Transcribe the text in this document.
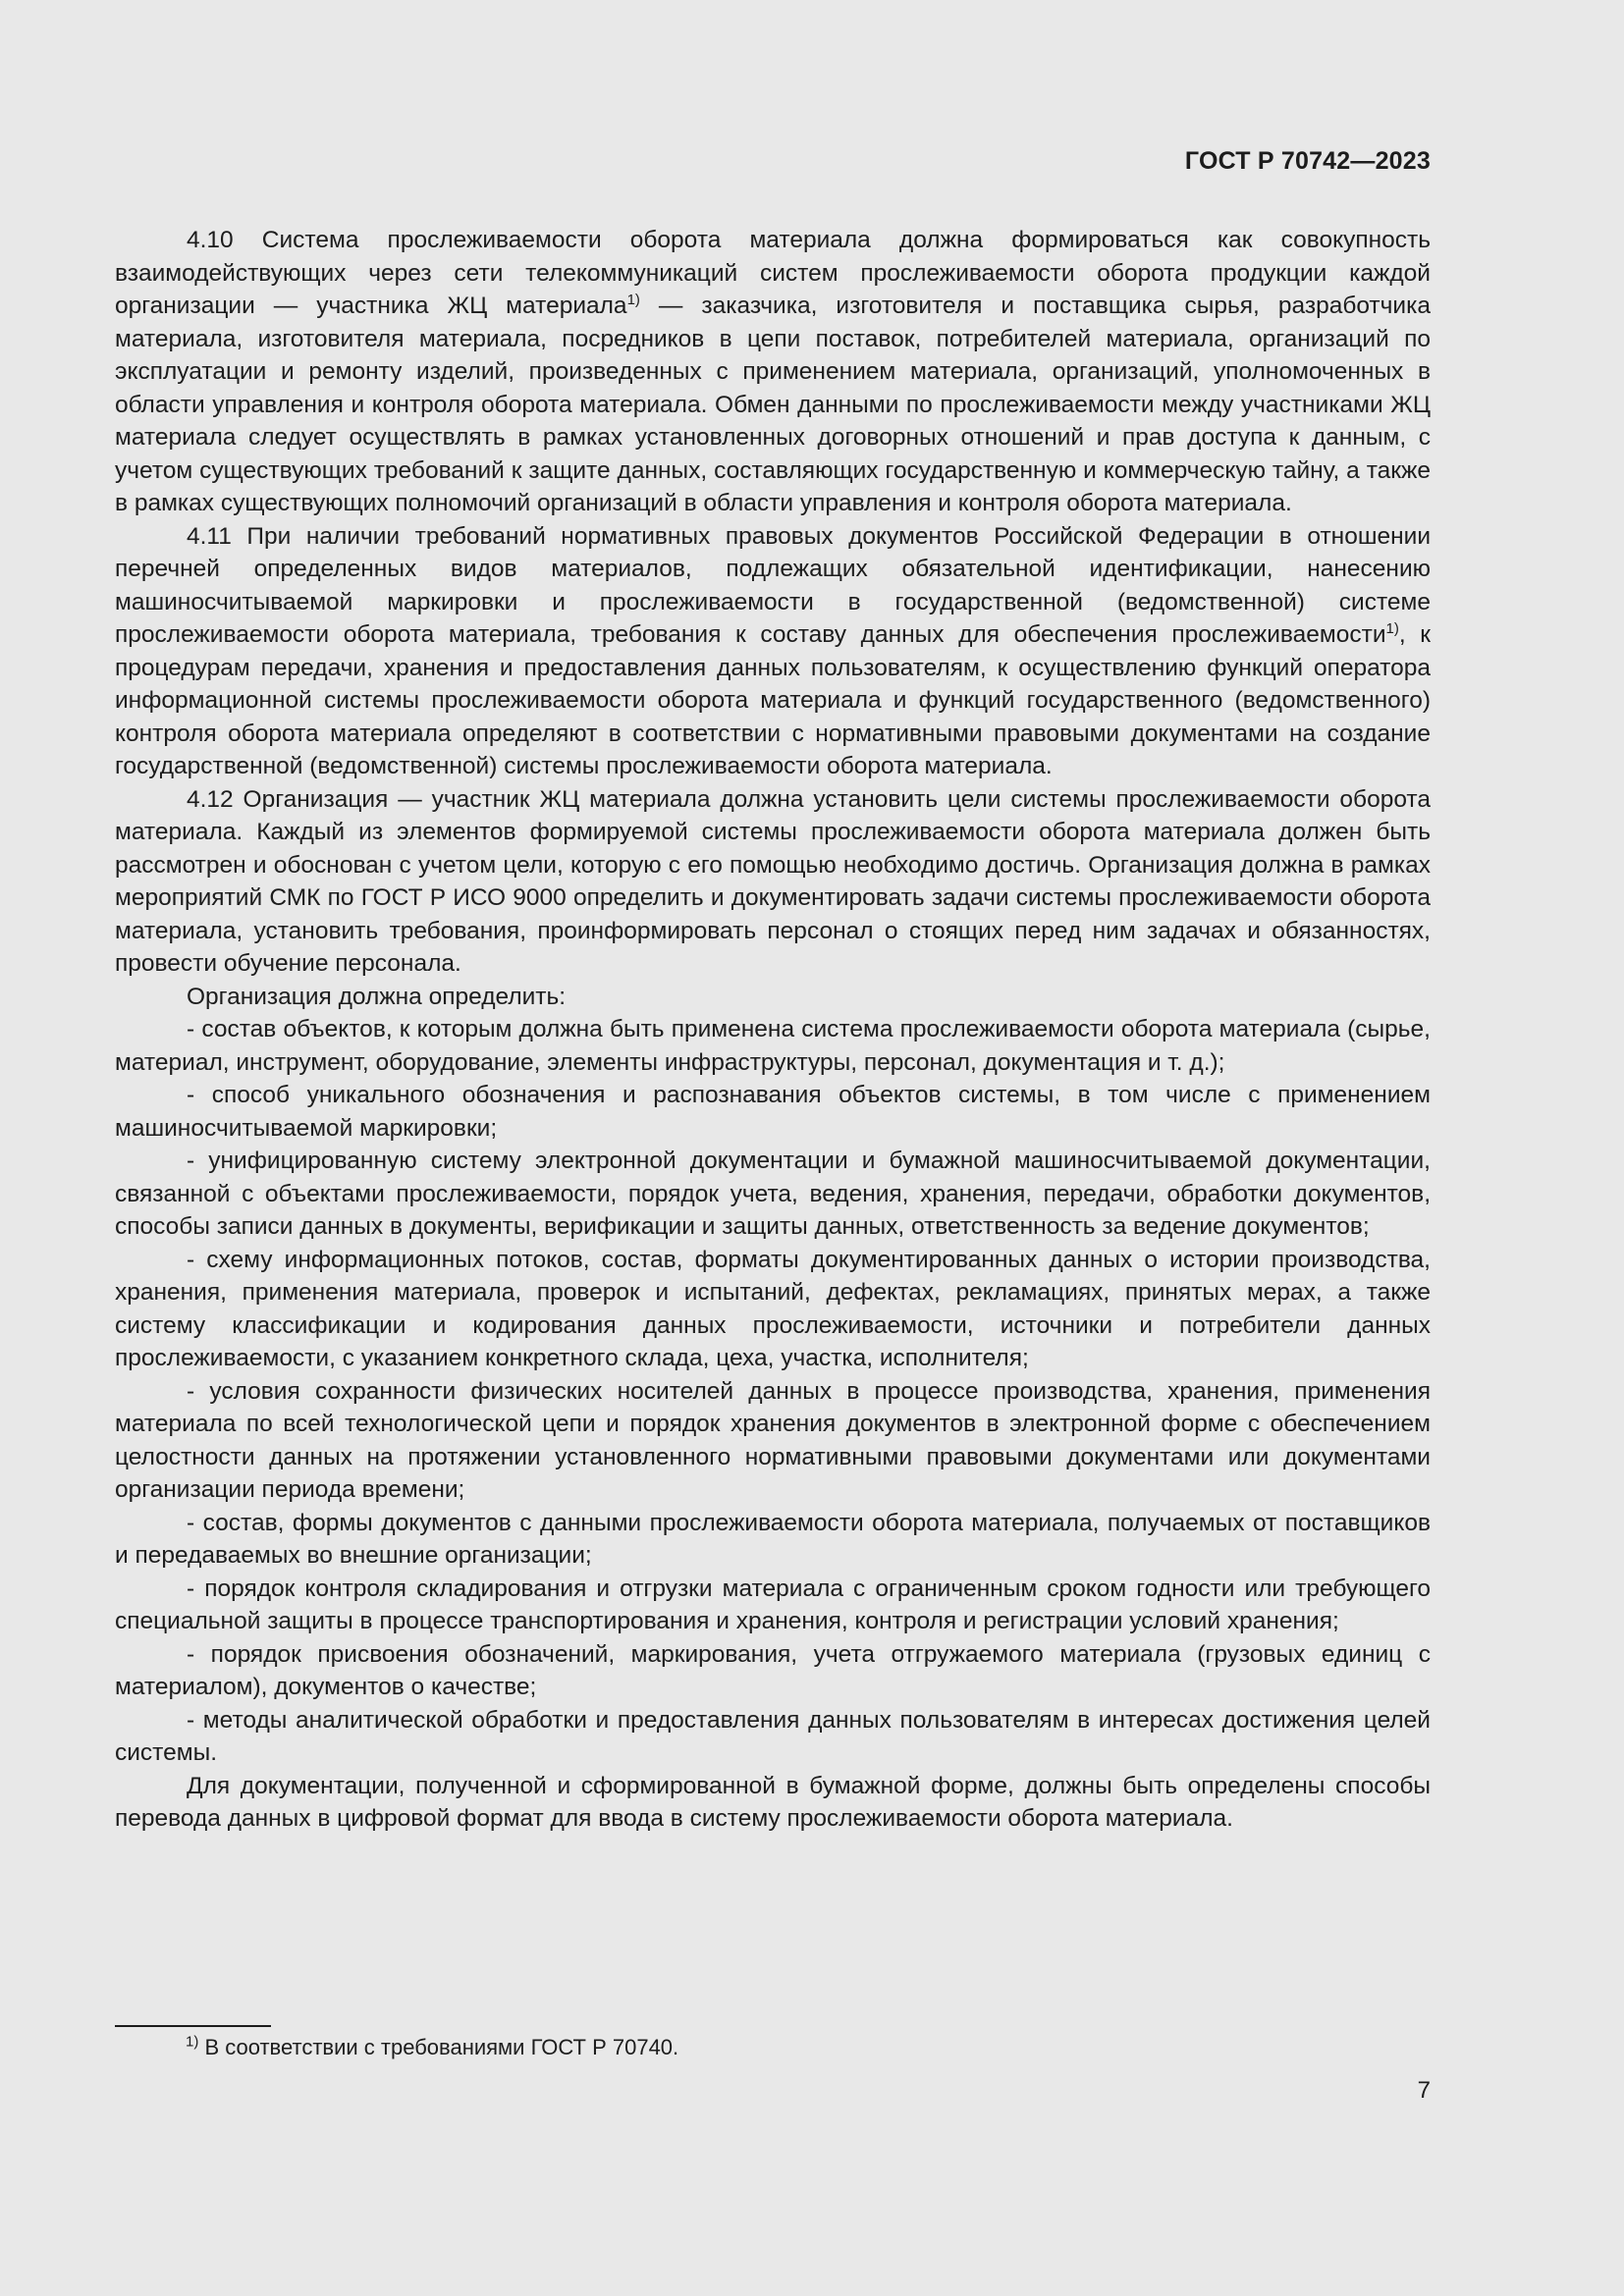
ГОСТ Р 70742—2023

4.10 Система прослеживаемости оборота материала должна формироваться как совокупность взаимодействующих через сети телекоммуникаций систем прослеживаемости оборота продукции каждой организации — участника ЖЦ материала$^{1)}$ — заказчика, изготовителя и поставщика сырья, разработчика материала, изготовителя материала, посредников в цепи поставок, потребителей материала, организаций по эксплуатации и ремонту изделий, произведенных с применением материала, организаций, уполномоченных в области управления и контроля оборота материала. Обмен данными по прослеживаемости между участниками ЖЦ материала следует осуществлять в рамках установленных договорных отношений и прав доступа к данным, с учетом существующих требований к защите данных, составляющих государственную и коммерческую тайну, а также в рамках существующих полномочий организаций в области управления и контроля оборота материала.

4.11 При наличии требований нормативных правовых документов Российской Федерации в отношении перечней определенных видов материалов, подлежащих обязательной идентификации, нанесению машиносчитываемой маркировки и прослеживаемости в государственной (ведомственной) системе прослеживаемости оборота материала, требования к составу данных для обеспечения прослеживаемости$^{1)}$, к процедурам передачи, хранения и предоставления данных пользователям, к осуществлению функций оператора информационной системы прослеживаемости оборота материала и функций государственного (ведомственного) контроля оборота материала определяют в соответствии с нормативными правовыми документами на создание государственной (ведомственной) системы прослеживаемости оборота материала.

4.12 Организация — участник ЖЦ материала должна установить цели системы прослеживаемости оборота материала. Каждый из элементов формируемой системы прослеживаемости оборота материала должен быть рассмотрен и обоснован с учетом цели, которую с его помощью необходимо достичь. Организация должна в рамках мероприятий СМК по ГОСТ Р ИСО 9000 определить и документировать задачи системы прослеживаемости оборота материала, установить требования, проинформировать персонал о стоящих перед ним задачах и обязанностях, провести обучение персонала.

Организация должна определить:

- состав объектов, к которым должна быть применена система прослеживаемости оборота материала (сырье, материал, инструмент, оборудование, элементы инфраструктуры, персонал, документация и т. д.);

- способ уникального обозначения и распознавания объектов системы, в том числе с применением машиносчитываемой маркировки;

- унифицированную систему электронной документации и бумажной машиносчитываемой документации, связанной с объектами прослеживаемости, порядок учета, ведения, хранения, передачи, обработки документов, способы записи данных в документы, верификации и защиты данных, ответственность за ведение документов;

- схему информационных потоков, состав, форматы документированных данных о истории производства, хранения, применения материала, проверок и испытаний, дефектах, рекламациях, принятых мерах, а также систему классификации и кодирования данных прослеживаемости, источники и потребители данных прослеживаемости, с указанием конкретного склада, цеха, участка, исполнителя;

- условия сохранности физических носителей данных в процессе производства, хранения, применения материала по всей технологической цепи и порядок хранения документов в электронной форме с обеспечением целостности данных на протяжении установленного нормативными правовыми документами или документами организации периода времени;

- состав, формы документов с данными прослеживаемости оборота материала, получаемых от поставщиков и передаваемых во внешние организации;

- порядок контроля складирования и отгрузки материала с ограниченным сроком годности или требующего специальной защиты в процессе транспортирования и хранения, контроля и регистрации условий хранения;

- порядок присвоения обозначений, маркирования, учета отгружаемого материала (грузовых единиц с материалом), документов о качестве;

- методы аналитической обработки и предоставления данных пользователям в интересах достижения целей системы.

Для документации, полученной и сформированной в бумажной форме, должны быть определены способы перевода данных в цифровой формат для ввода в систему прослеживаемости оборота материала.

$^{1)}$ В соответствии с требованиями ГОСТ Р 70740.
7
